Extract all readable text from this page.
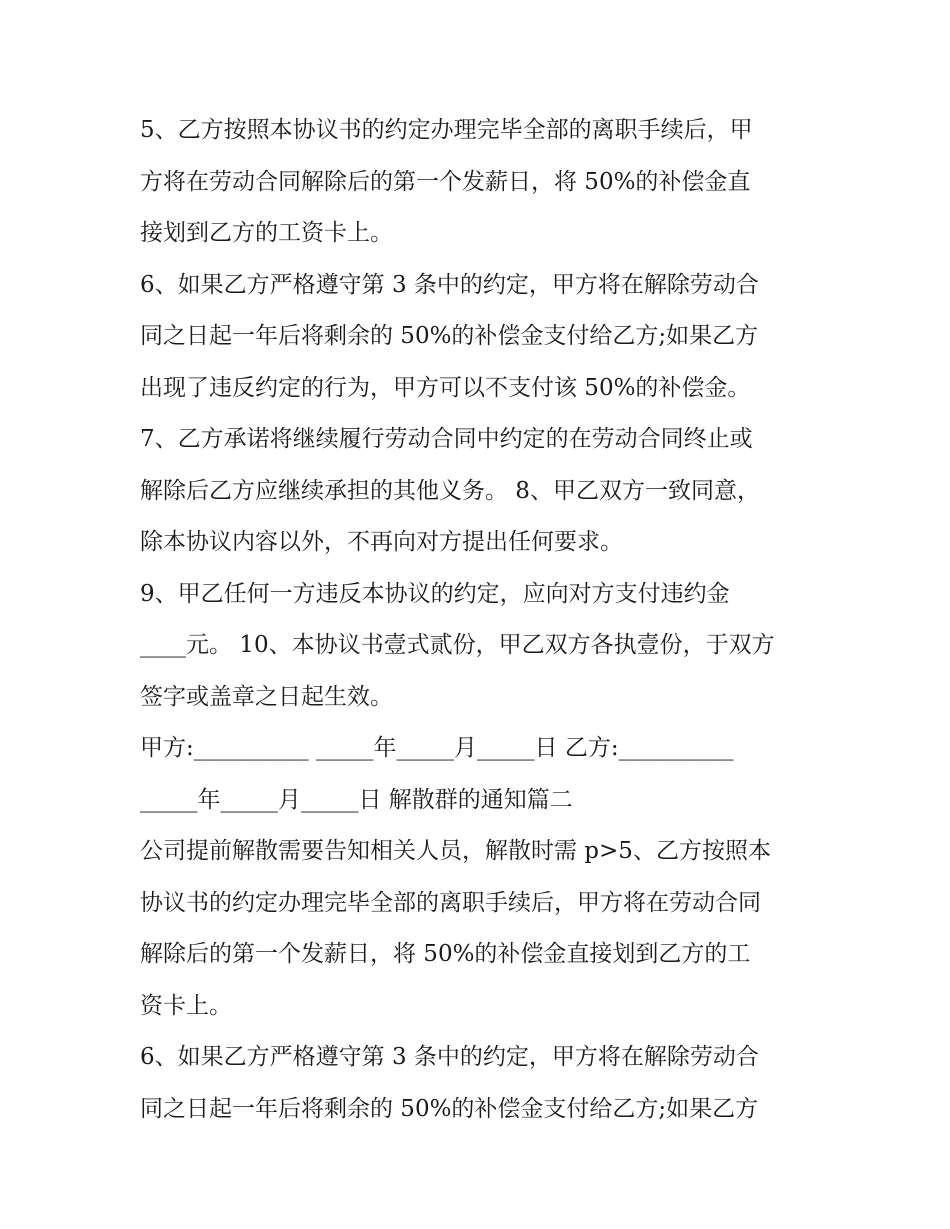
5、乙方按照本协议书的约定办理完毕全部的离职手续后，甲
方将在劳动合同解除后的第一个发薪日，将 50%的补偿金直
接划到乙方的工资卡上。

6、如果乙方严格遵守第 3 条中的约定，甲方将在解除劳动合
同之日起一年后将剩余的 50%的补偿金支付给乙方;如果乙方
出现了违反约定的行为，甲方可以不支付该 50%的补偿金。

7、乙方承诺将继续履行劳动合同中约定的在劳动合同终止或
解除后乙方应继续承担的其他义务。 8、甲乙双方一致同意，
除本协议内容以外，不再向对方提出任何要求。

9、甲乙任何一方违反本协议的约定，应向对方支付违约金
____元。 10、本协议书壹式贰份，甲乙双方各执壹份，于双方
签字或盖章之日起生效。

甲方:__________ _____年_____月_____日 乙方:__________
_____年_____月_____日 解散群的通知篇二

公司提前解散需要告知相关人员，解散时需 p>5、乙方按照本
协议书的约定办理完毕全部的离职手续后，甲方将在劳动合同
解除后的第一个发薪日，将 50%的补偿金直接划到乙方的工
资卡上。

6、如果乙方严格遵守第 3 条中的约定，甲方将在解除劳动合
同之日起一年后将剩余的 50%的补偿金支付给乙方;如果乙方
